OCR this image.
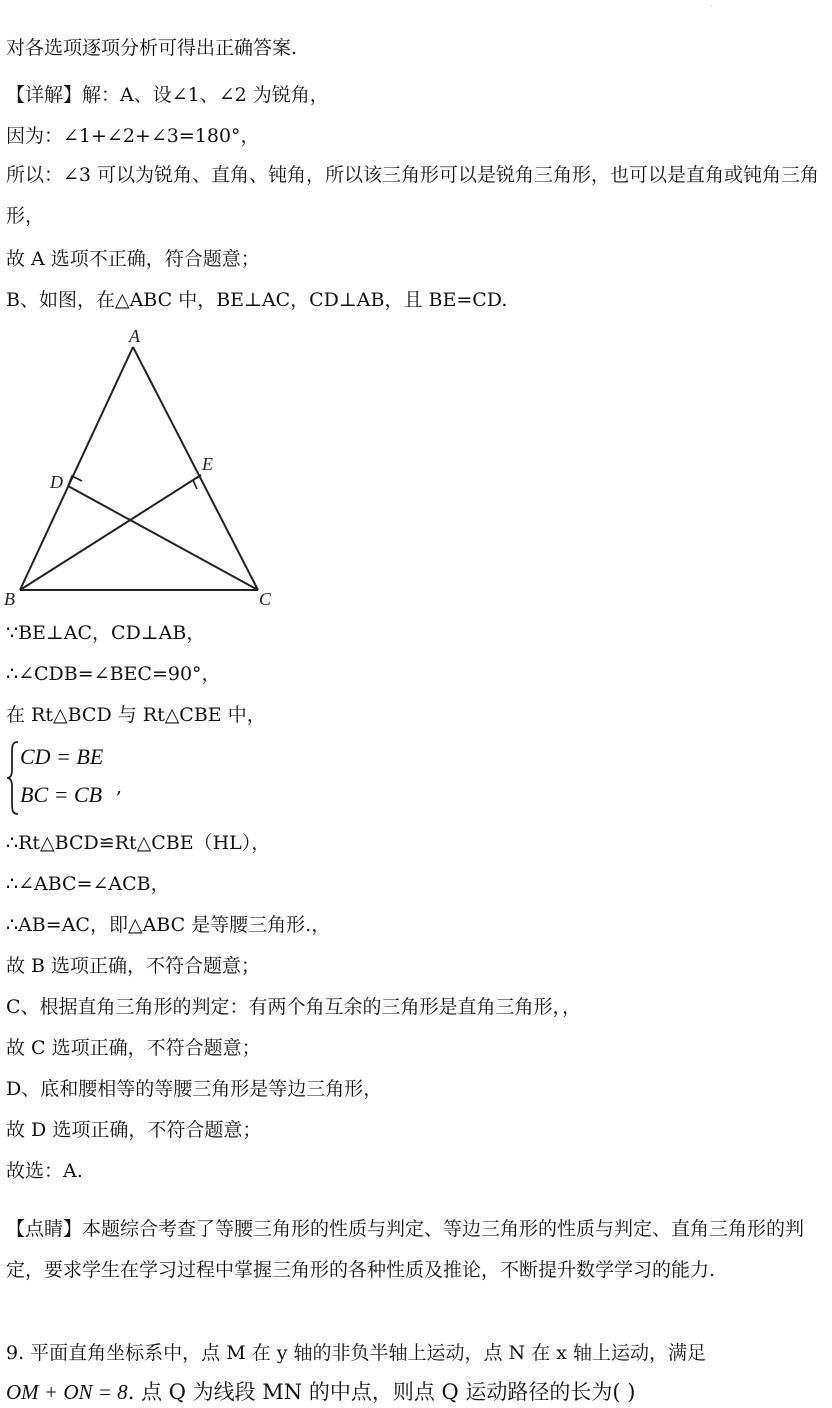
·
对各选项逐项分析可得出正确答案.
【详解】解：A、设∠1、∠2 为锐角，
因为：∠1+∠2+∠3=180°，
所以：∠3 可以为锐角、直角、钝角，所以该三角形可以是锐角三角形，也可以是直角或钝角三角形，
故 A 选项不正确，符合题意；
B、如图，在△ABC 中，BE⊥AC，CD⊥AB，且 BE=CD.
A
B	C
D
E
∵BE⊥AC，CD⊥AB，
∴∠CDB=∠BEC=90°，
在 Rt△BCD 与 Rt△CBE 中，
CD = BE
BC = CB ,
∴Rt△BCD≌Rt△CBE（HL），
∴∠ABC=∠ACB，
∴AB=AC，即△ABC 是等腰三角形.，
故 B 选项正确，不符合题意；
C、根据直角三角形的判定：有两个角互余的三角形是直角三角形，，
故 C 选项正确，不符合题意；
D、底和腰相等的等腰三角形是等边三角形，
故 D 选项正确，不符合题意；
故选：A.
【点睛】本题综合考查了等腰三角形的性质与判定、等边三角形的性质与判定、直角三角形的判定，要求学生在学习过程中掌握三角形的各种性质及推论，不断提升数学学习的能力.
9. 平面直角坐标系中，点 M 在 y 轴的非负半轴上运动，点 N 在 x 轴上运动，满足
OM + ON = 8. 点 Q 为线段 MN 的中点，则点 Q 运动路径的长为( )
